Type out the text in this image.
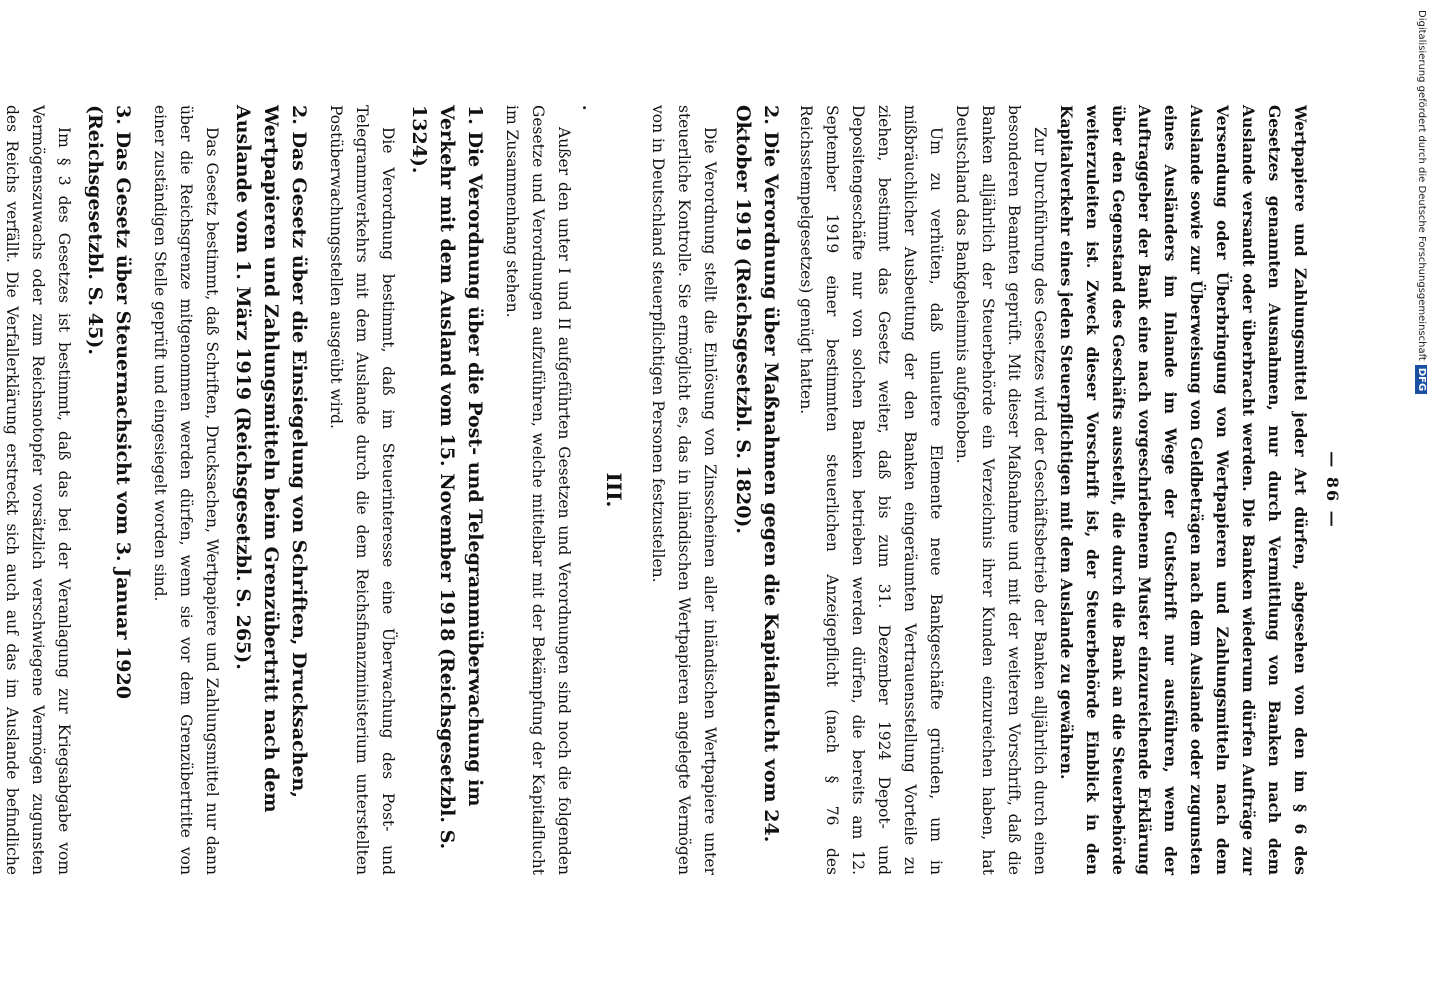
— 86 —

Wertpapiere und Zahlungsmittel jeder Art dürfen, abgesehen von den im § 6 des Gesetzes genannten Ausnahmen, nur durch Vermittlung von Banken nach dem Auslande versandt oder überbracht werden. Die Banken wiederum dürfen Aufträge zur Versendung oder Überbringung von Wertpapieren und Zahlungsmitteln nach dem Auslande sowie zur Überweisung von Geldbeträgen nach dem Auslande oder zugunsten eines Ausländers im Inlande im Wege der Gutschrift nur ausführen, wenn der Auftraggeber der Bank eine nach vorgeschriebenem Muster einzureichende Erklärung über den Gegenstand des Geschäfts ausstellt, die durch die Bank an die Steuerbehörde weiterzuleiten ist. Zweck dieser Vorschrift ist, der Steuerbehörde Einblick in den Kapitalverkehr eines jeden Steuerpflichtigen mit dem Auslande zu gewähren.

Zur Durchführung des Gesetzes wird der Geschäftsbetrieb der Banken alljährlich durch einen besonderen Beamten geprüft. Mit dieser Maßnahme und mit der weiteren Vorschrift, daß die Banken alljährlich der Steuerbehörde ein Verzeichnis ihrer Kunden einzureichen haben, hat Deutschland das Bankgeheimnis aufgehoben.

Um zu verhüten, daß unlautere Elemente neue Bankgeschäfte gründen, um in mißbräuchlicher Ausbeutung der den Banken eingeräumten Vertrauensstellung Vorteile zu ziehen, bestimmt das Gesetz weiter, daß bis zum 31. Dezember 1924 Depot- und Depositengeschäfte nur von solchen Banken betrieben werden dürfen, die bereits am 12. September 1919 einer bestimmten steuerlichen Anzeigepflicht (nach § 76 des Reichsstempelgesetzes) genügt hatten.

2. Die Verordnung über Maßnahmen gegen die Kapitalflucht vom 24. Oktober 1919 (Reichsgesetzbl. S. 1820).

Die Verordnung stellt die Einlösung von Zinsscheinen aller inländischen Wertpapiere unter steuerliche Kontrolle. Sie ermöglicht es, das in inländischen Wertpapieren angelegte Vermögen von in Deutschland steuerpflichtigen Personen festzustellen.

III.
·

Außer den unter I und II aufgeführten Gesetzen und Verordnungen sind noch die folgenden Gesetze und Verordnungen aufzuführen, welche mittelbar mit der Bekämpfung der Kapitalflucht im Zusammenhang stehen.

1. Die Verordnung über die Post- und Telegrammüberwachung im Verkehr mit dem Ausland vom 15. November 1918 (Reichsgesetzbl. S. 1324).

Die Verordnung bestimmt, daß im Steuerinteresse eine Überwachung des Post- und Telegrammverkehrs mit dem Auslande durch die dem Reichsfinanzministerium unterstellten Postüberwachungsstellen ausgeübt wird.

2. Das Gesetz über die Einsiegelung von Schriften, Drucksachen, Wertpapieren und Zahlungsmitteln beim Grenzübertritt nach dem Auslande vom 1. März 1919 (Reichsgesetzbl. S. 265).

Das Gesetz bestimmt, daß Schriften, Drucksachen, Wertpapiere und Zahlungsmittel nur dann über die Reichsgrenze mitgenommen werden dürfen, wenn sie vor dem Grenzübertritte von einer zuständigen Stelle geprüft und eingesiegelt worden sind.

3. Das Gesetz über Steuernachsicht vom 3. Januar 1920 (Reichsgesetzbl. S. 45).

Im § 3 des Gesetzes ist bestimmt, daß das bei der Veranlagung zur Kriegsabgabe vom Vermögenszuwachs oder zum Reichsnotopfer vorsätzlich verschwiegene Vermögen zugunsten des Reichs verfällt. Die Verfallerklärung erstreckt sich auch auf das im Auslande befindliche

Digitalisierung gefördert durch die Deutsche ForschungsgemeinschaftDFG
